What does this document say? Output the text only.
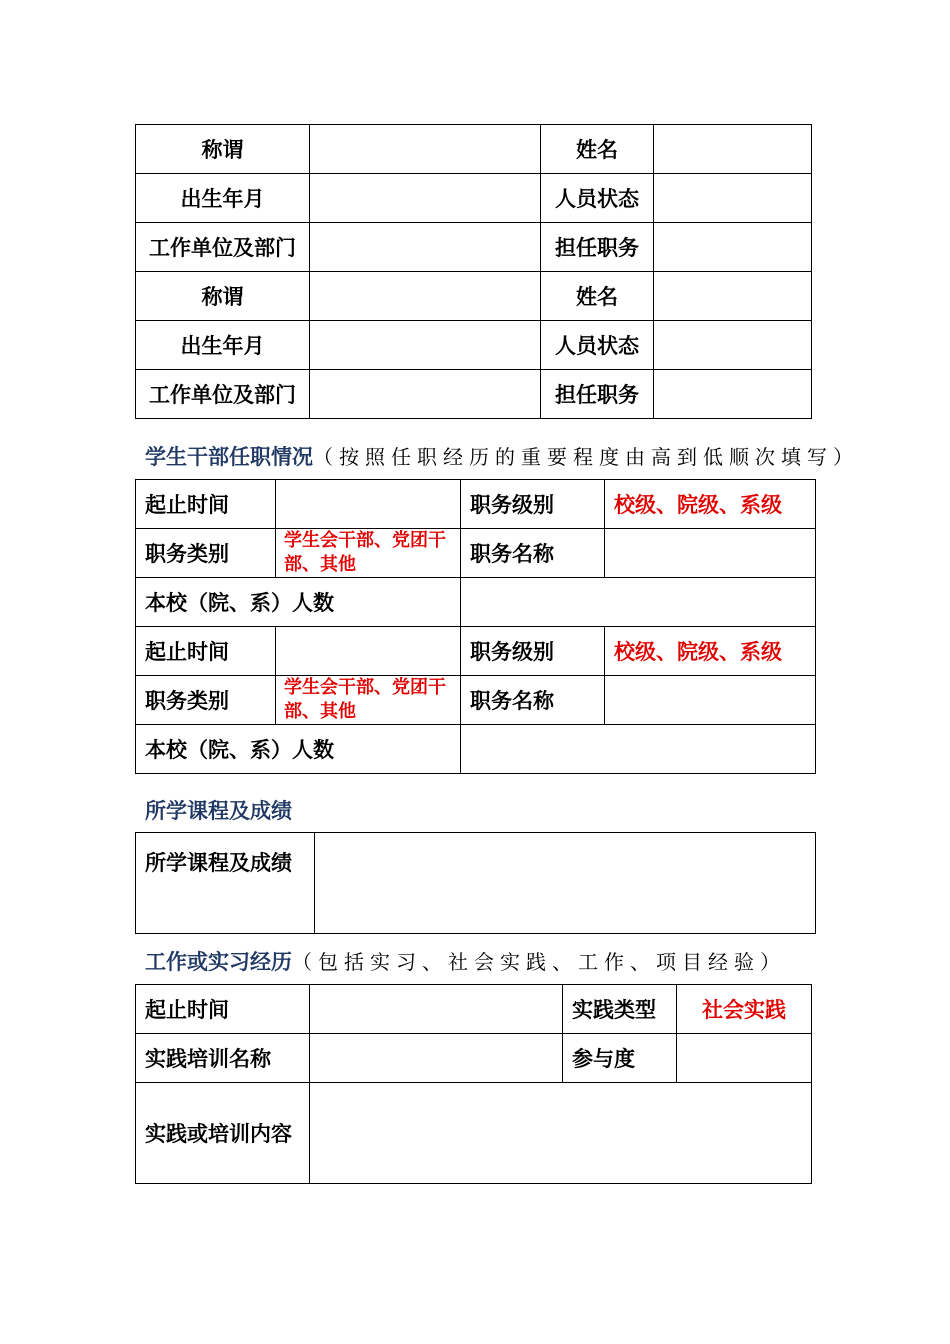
称谓		姓名	
出生年月		人员状态	
工作单位及部门		担任职务	
称谓		姓名	
出生年月		人员状态	
工作单位及部门		担任职务	
学生干部任职情况（按照任职经历的重要程度由高到低顺次填写）
起止时间		职务级别	校级、院级、系级
职务类别	学生会干部、党团干部、其他	职务名称	
本校（院、系）人数			
起止时间		职务级别	校级、院级、系级
职务类别	学生会干部、党团干部、其他	职务名称	
本校（院、系）人数			
所学课程及成绩
所学课程及成绩	
工作或实习经历（包括实习、社会实践、工作、项目经验）
起止时间		实践类型	社会实践
实践培训名称		参与度	
实践或培训内容			
